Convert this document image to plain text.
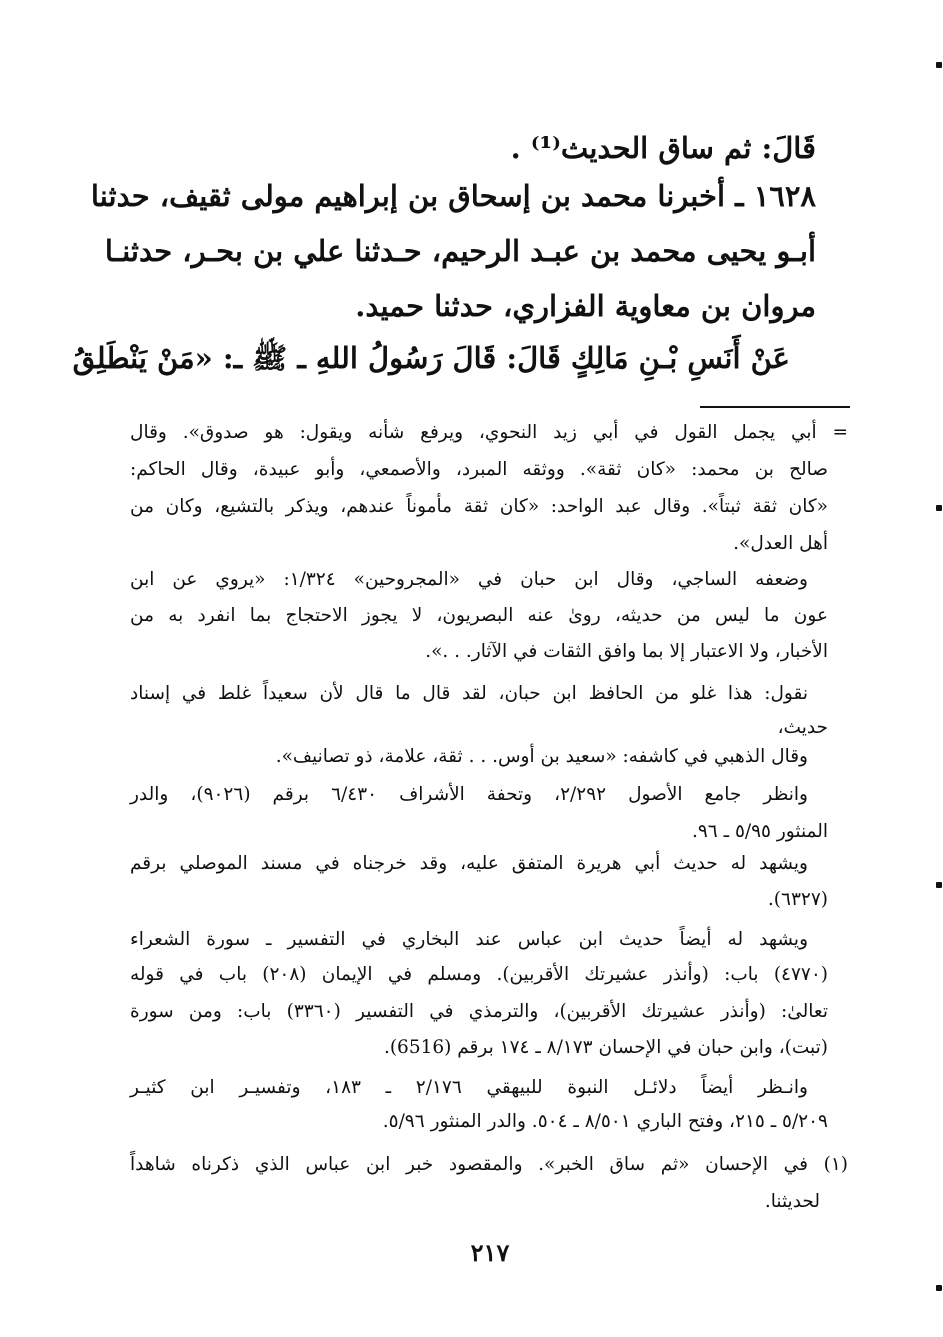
قَالَ: ثم ساق الحديث⁽¹⁾ .
١٦٢٨ ـ أخبرنا محمد بن إسحاق بن إبراهيم مولى ثقيف، حدثنا
أبـو يحيى محمد بن عبـد الرحيم، حـدثنا علي بن بحـر، حدثنـا
مروان بن معاوية الفزاري، حدثنا حميد.
عَنْ أَنَسِ بْـنِ مَالِكٍ قَالَ: قَالَ رَسُولُ اللهِ ـ ﷺ ـ: «مَنْ يَنْطَلِقُ
= أبي يجمل القول في أبي زيد النحوي، ويرفع شأنه ويقول: هو صدوق». وقال
صالح بن محمد: «كان ثقة». ووثقه المبرد، والأصمعي، وأبو عبيدة، وقال الحاكم:
«كان ثقة ثبتاً». وقال عبد الواحد: «كان ثقة مأموناً عندهم، ويذكر بالتشيع، وكان من
أهل العدل».
وضعفه الساجي، وقال ابن حبان في «المجروحين» ١/٣٢٤: «يروي عن ابن
عون ما ليس من حديثه، روىٰ عنه البصريون، لا يجوز الاحتجاج بما انفرد به من
الأخبار، ولا الاعتبار إلا بما وافق الثقات في الآثار. . .».
نقول: هذا غلو من الحافظ ابن حبان، لقد قال ما قال لأن سعيداً غلط في إسناد
حديث،
وقال الذهبي في كاشفه: «سعيد بن أوس. . . ثقة، علامة، ذو تصانيف».
وانظر جامع الأصول ٢/٢٩٢، وتحفة الأشراف ٦/٤٣٠ برقم (٩٠٢٦)، والدر
المنثور ٥/٩٥ ـ ٩٦.
ويشهد له حديث أبي هريرة المتفق عليه، وقد خرجناه في مسند الموصلي برقم
(٦٣٢٧).
ويشهد له أيضاً حديث ابن عباس عند البخاري في التفسير ـ سورة الشعراء
(٤٧٧٠) باب: (وأنذر عشيرتك الأقربين). ومسلم في الإيمان (٢٠٨) باب في قوله
تعالىٰ: (وأنذر عشيرتك الأقربين)، والترمذي في التفسير (٣٣٦٠) باب: ومن سورة
(تبت)، وابن حبان في الإحسان ٨/١٧٣ ـ ١٧٤ برقم (6516).
وانـظر أيضاً دلائـل النبوة للبيهقي ٢/١٧٦ ـ ١٨٣، وتفسيـر ابن كثيـر
٥/٢٠٩ ـ ٢١٥، وفتح الباري ٨/٥٠١ ـ ٥٠٤. والدر المنثور ٥/٩٦.
(١) في الإحسان «ثم ساق الخبر». والمقصود خبر ابن عباس الذي ذكرناه شاهداً
لحديثنا.
٢١٧
